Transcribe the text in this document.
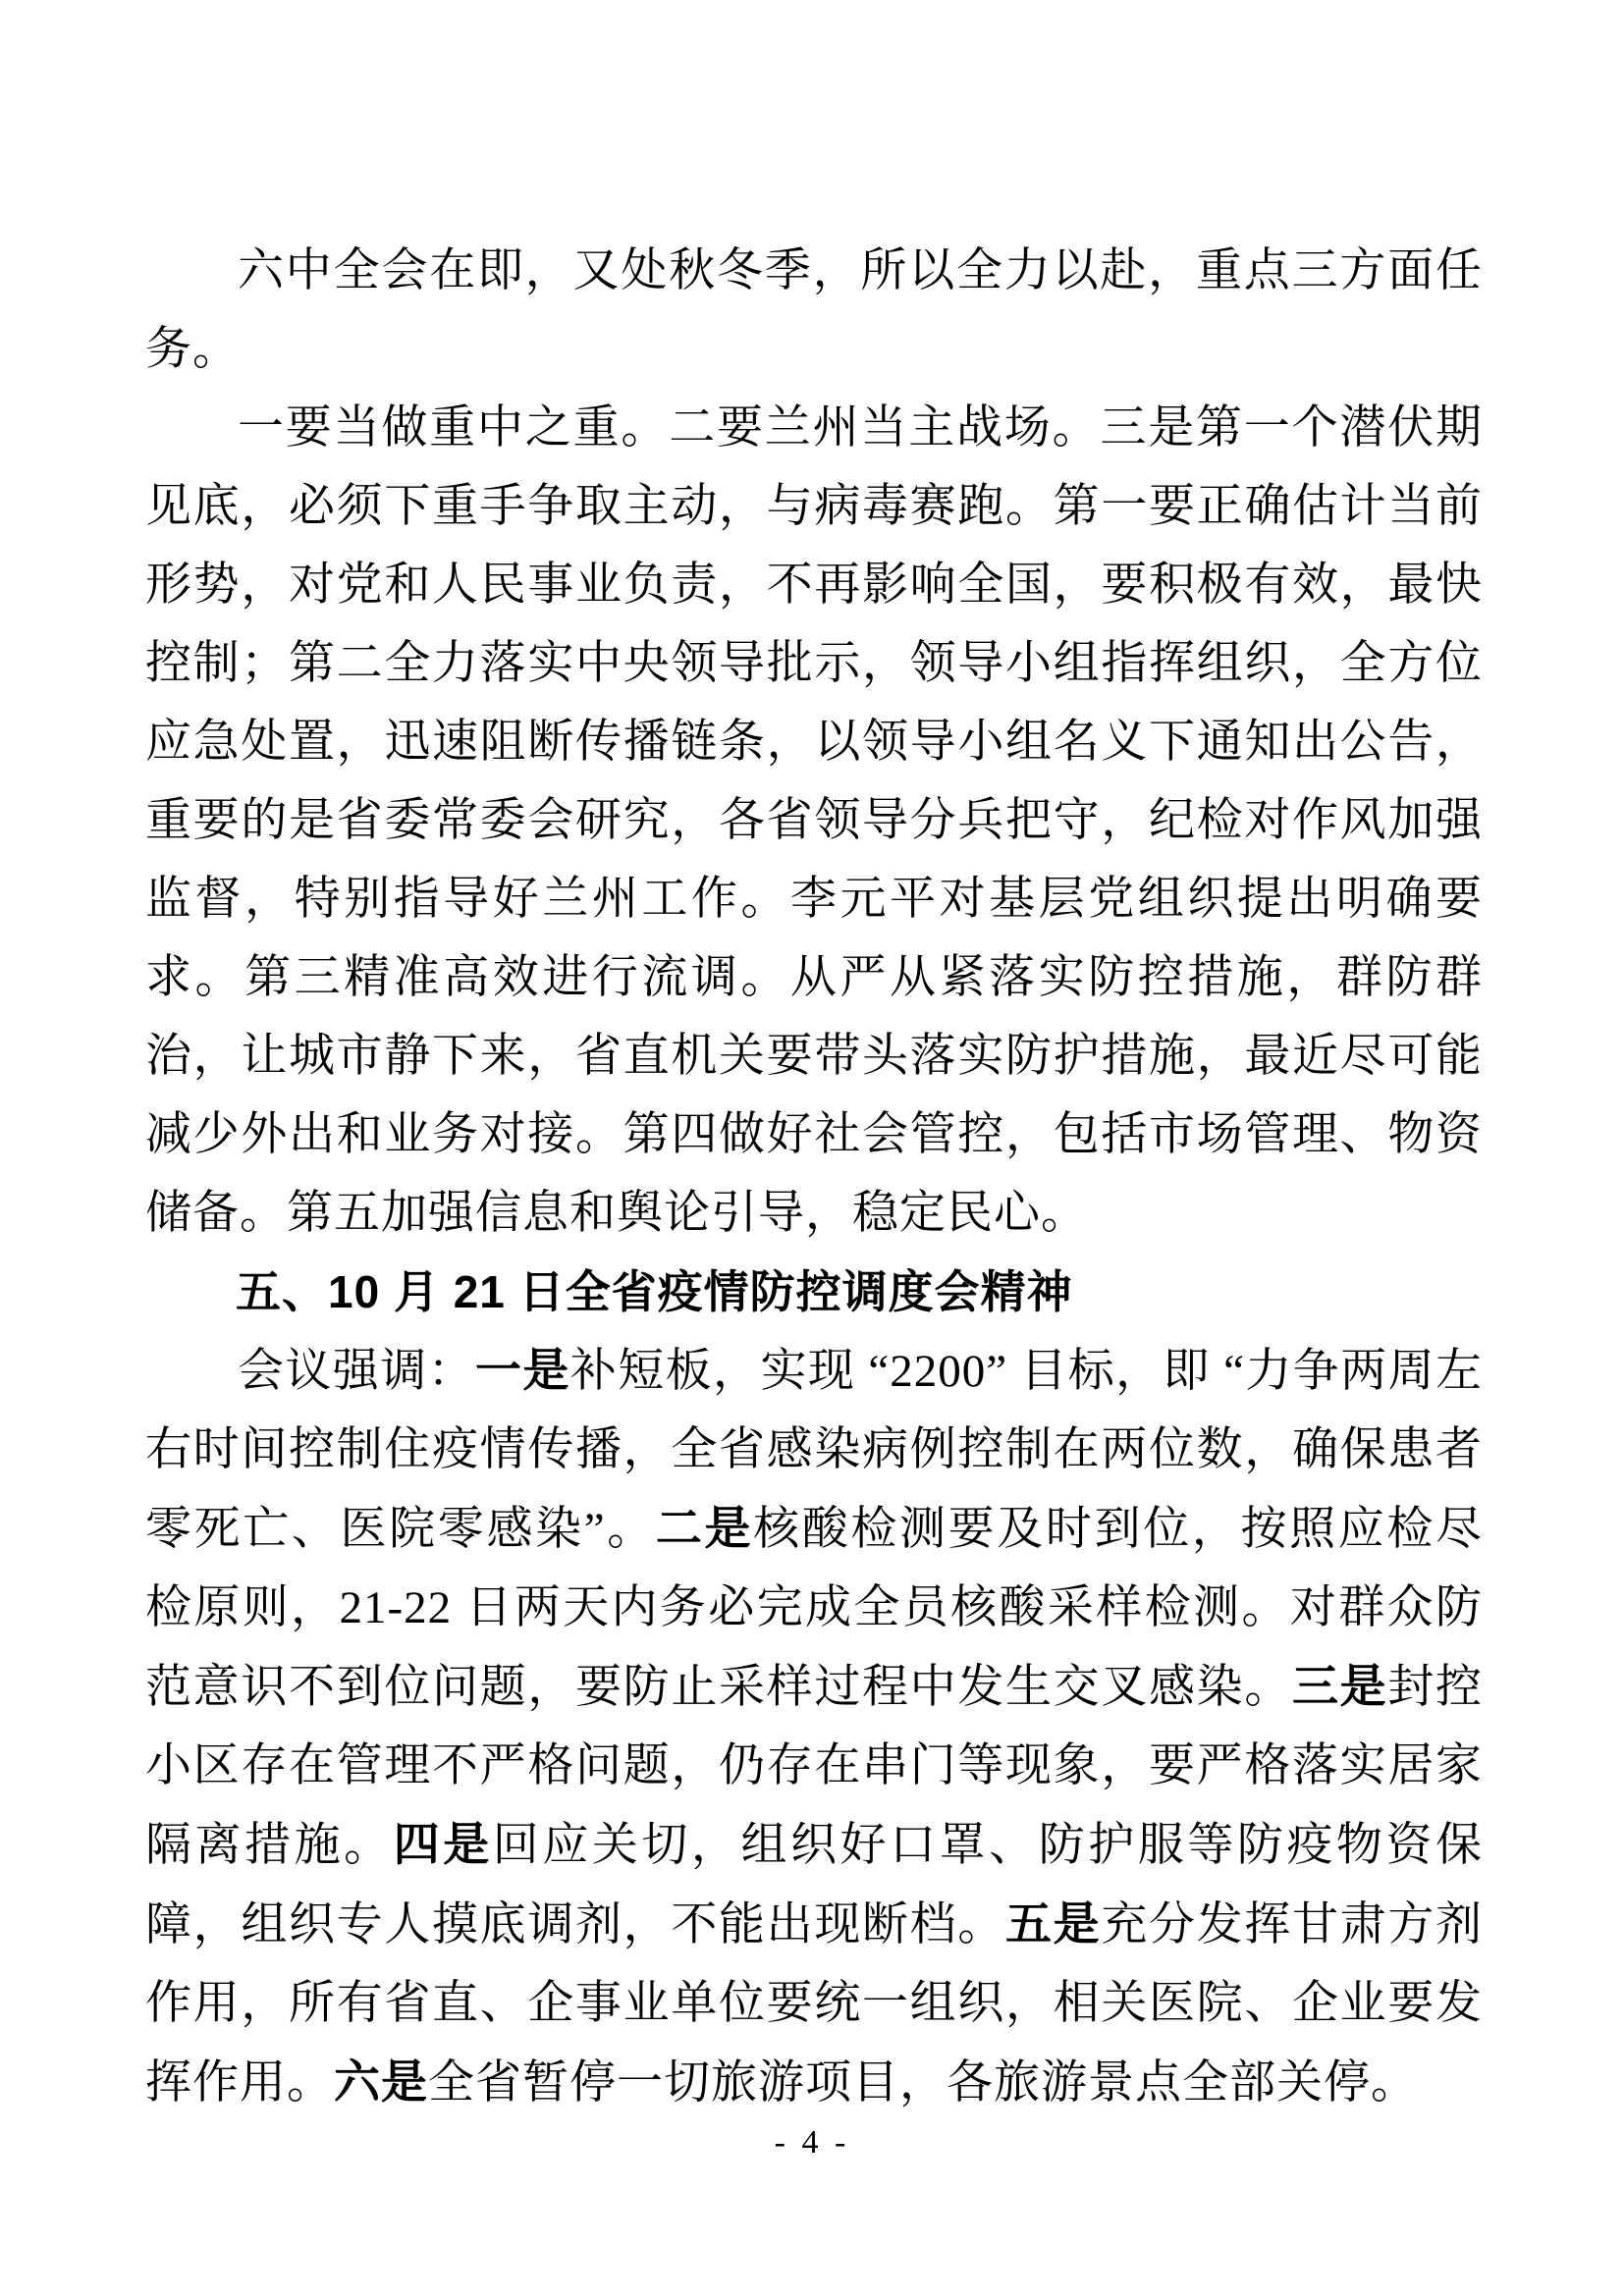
六中全会在即，又处秋冬季，所以全力以赴，重点三方面任务。

一要当做重中之重。二要兰州当主战场。三是第一个潜伏期见底，必须下重手争取主动，与病毒赛跑。第一要正确估计当前形势，对党和人民事业负责，不再影响全国，要积极有效，最快控制；第二全力落实中央领导批示，领导小组指挥组织，全方位应急处置，迅速阻断传播链条，以领导小组名义下通知出公告，重要的是省委常委会研究，各省领导分兵把守，纪检对作风加强监督，特别指导好兰州工作。李元平对基层党组织提出明确要求。第三精准高效进行流调。从严从紧落实防控措施，群防群治，让城市静下来，省直机关要带头落实防护措施，最近尽可能减少外出和业务对接。第四做好社会管控，包括市场管理、物资储备。第五加强信息和舆论引导，稳定民心。

五、10 月 21 日全省疫情防控调度会精神

会议强调：一是补短板，实现 “2200” 目标，即 “力争两周左右时间控制住疫情传播，全省感染病例控制在两位数，确保患者零死亡、医院零感染”。二是核酸检测要及时到位，按照应检尽检原则，21-22 日两天内务必完成全员核酸采样检测。对群众防范意识不到位问题，要防止采样过程中发生交叉感染。三是封控小区存在管理不严格问题，仍存在串门等现象，要严格落实居家隔离措施。四是回应关切，组织好口罩、防护服等防疫物资保障，组织专人摸底调剂，不能出现断档。五是充分发挥甘肃方剂作用，所有省直、企事业单位要统一组织，相关医院、企业要发挥作用。六是全省暂停一切旅游项目，各旅游景点全部关停。

- 4 -
